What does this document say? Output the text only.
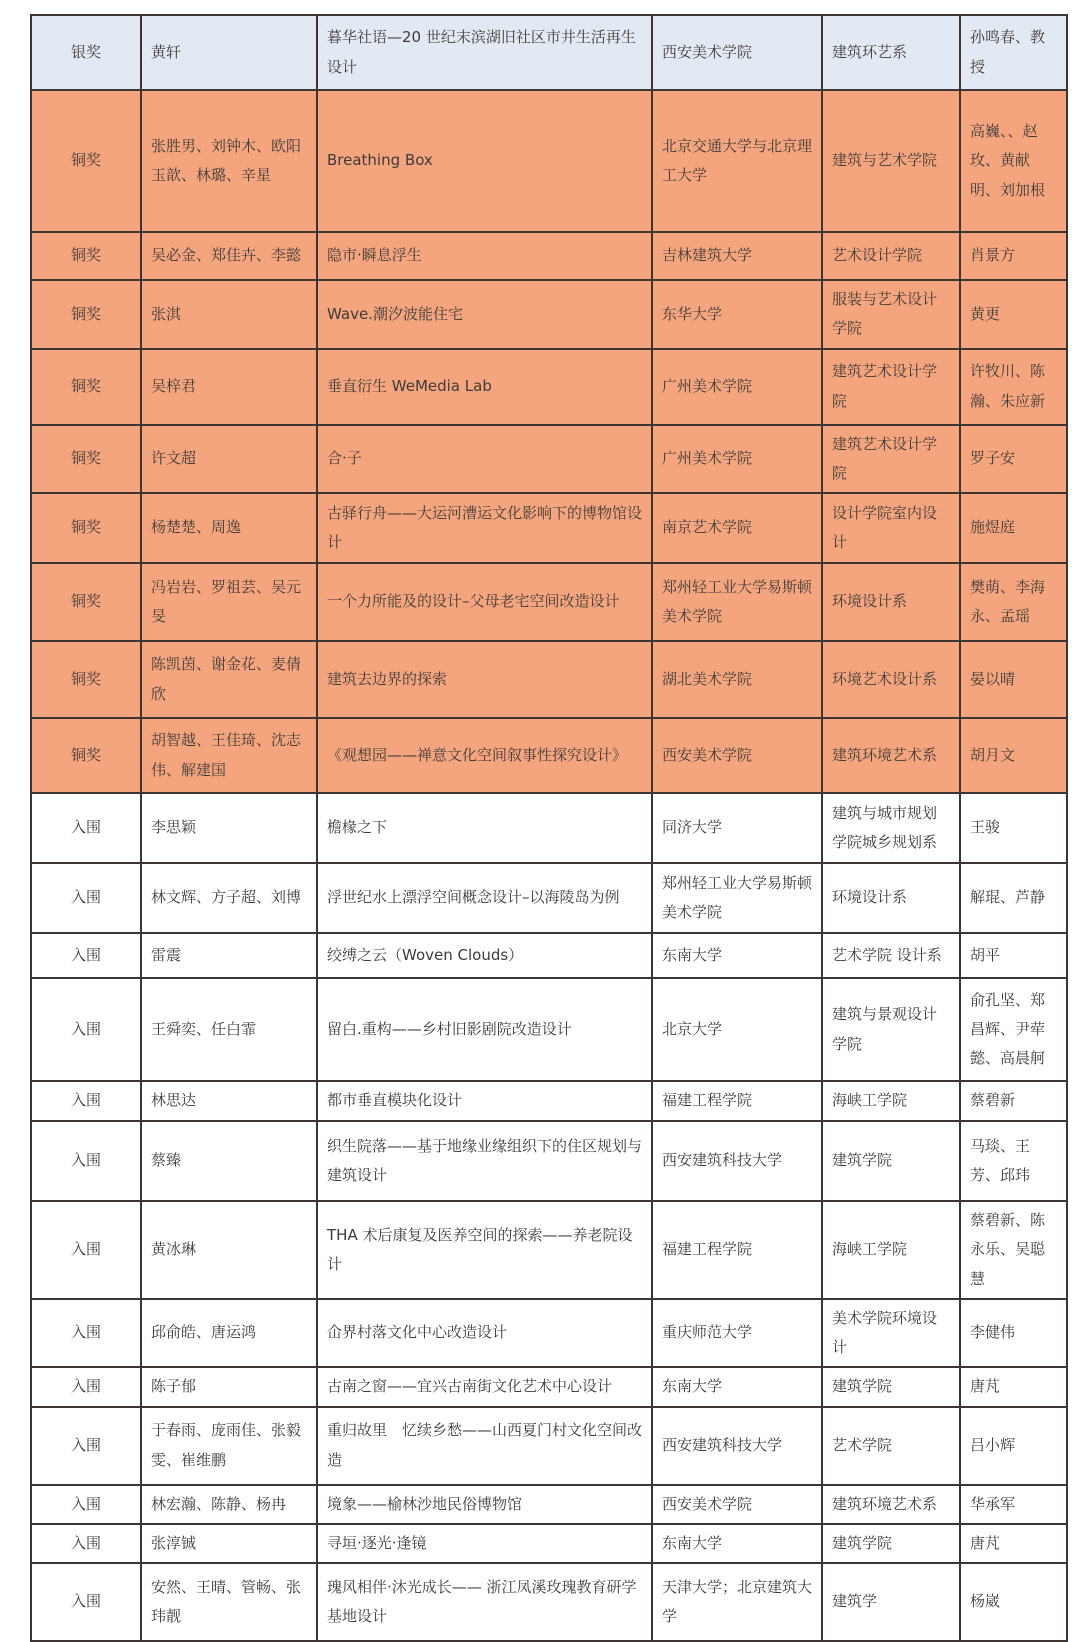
银奖	黄轩	暮华社语—20 世纪末滨湖旧社区市井生活再生设计	西安美术学院	建筑环艺系	孙鸣春、教授
铜奖	张胜男、刘钟木、欧阳玉歆、林璐、辛星	Breathing Box	北京交通大学与北京理工大学	建筑与艺术学院	高巍、、赵玫、黄献明、刘加根
铜奖	吴必金、郑佳卉、李懿	隐市·瞬息浮生	吉林建筑大学	艺术设计学院	肖景方
铜奖	张淇	Wave.潮汐波能住宅	东华大学	服装与艺术设计学院	黄更
铜奖	吴梓君	垂直衍生 WeMedia Lab	广州美术学院	建筑艺术设计学院	许牧川、陈瀚、朱应新
铜奖	许文超	合·子	广州美术学院	建筑艺术设计学院	罗子安
铜奖	杨楚楚、周逸	古驿行舟——大运河漕运文化影响下的博物馆设计	南京艺术学院	设计学院室内设计	施煜庭
铜奖	冯岩岩、罗祖芸、吴元旻	一个力所能及的设计–父母老宅空间改造设计	郑州轻工业大学易斯顿美术学院	环境设计系	樊萌、李海永、孟瑶
铜奖	陈凯茵、谢金花、麦倩欣	建筑去边界的探索	湖北美术学院	环境艺术设计系	晏以晴
铜奖	胡智越、王佳琦、沈志伟、解建国	《观想园——禅意文化空间叙事性探究设计》	西安美术学院	建筑环境艺术系	胡月文
入围	李思颖	檐椽之下	同济大学	建筑与城市规划学院城乡规划系	王骏
入围	林文辉、方子超、刘博	浮世纪水上漂浮空间概念设计–以海陵岛为例	郑州轻工业大学易斯顿美术学院	环境设计系	解琨、芦静
入围	雷震	绞缚之云（Woven Clouds）	东南大学	艺术学院 设计系	胡平
入围	王舜奕、任白霏	留白.重构——乡村旧影剧院改造设计	北京大学	建筑与景观设计学院	俞孔坚、郑昌辉、尹荦懿、高晨舸
入围	林思达	都市垂直模块化设计	福建工程学院	海峡工学院	蔡碧新
入围	蔡臻	织生院落——基于地缘业缘组织下的住区规划与建筑设计	西安建筑科技大学	建筑学院	马琰、王芳、邱玮
入围	黄冰琳	THA 术后康复及医养空间的探索——养老院设计	福建工程学院	海峡工学院	蔡碧新、陈永乐、吴聪慧
入围	邱俞皓、唐运鸿	仚界村落文化中心改造设计	重庆师范大学	美术学院环境设计	李健伟
入围	陈子郁	古南之窗——宜兴古南街文化艺术中心设计	东南大学	建筑学院	唐芃
入围	于春雨、庞雨佳、张毅雯、崔维鹏	重归故里　忆续乡愁——山西夏门村文化空间改造	西安建筑科技大学	艺术学院	吕小辉
入围	林宏瀚、陈静、杨冉	境象——榆林沙地民俗博物馆	西安美术学院	建筑环境艺术系	华承军
入围	张淳铖	寻垣·逐光·逢镜	东南大学	建筑学院	唐芃
入围	安然、王晴、管畅、张玮靓	瑰风相伴·沐光成长—— 浙江凤溪玫瑰教育研学基地设计	天津大学；北京建筑大学	建筑学	杨崴
